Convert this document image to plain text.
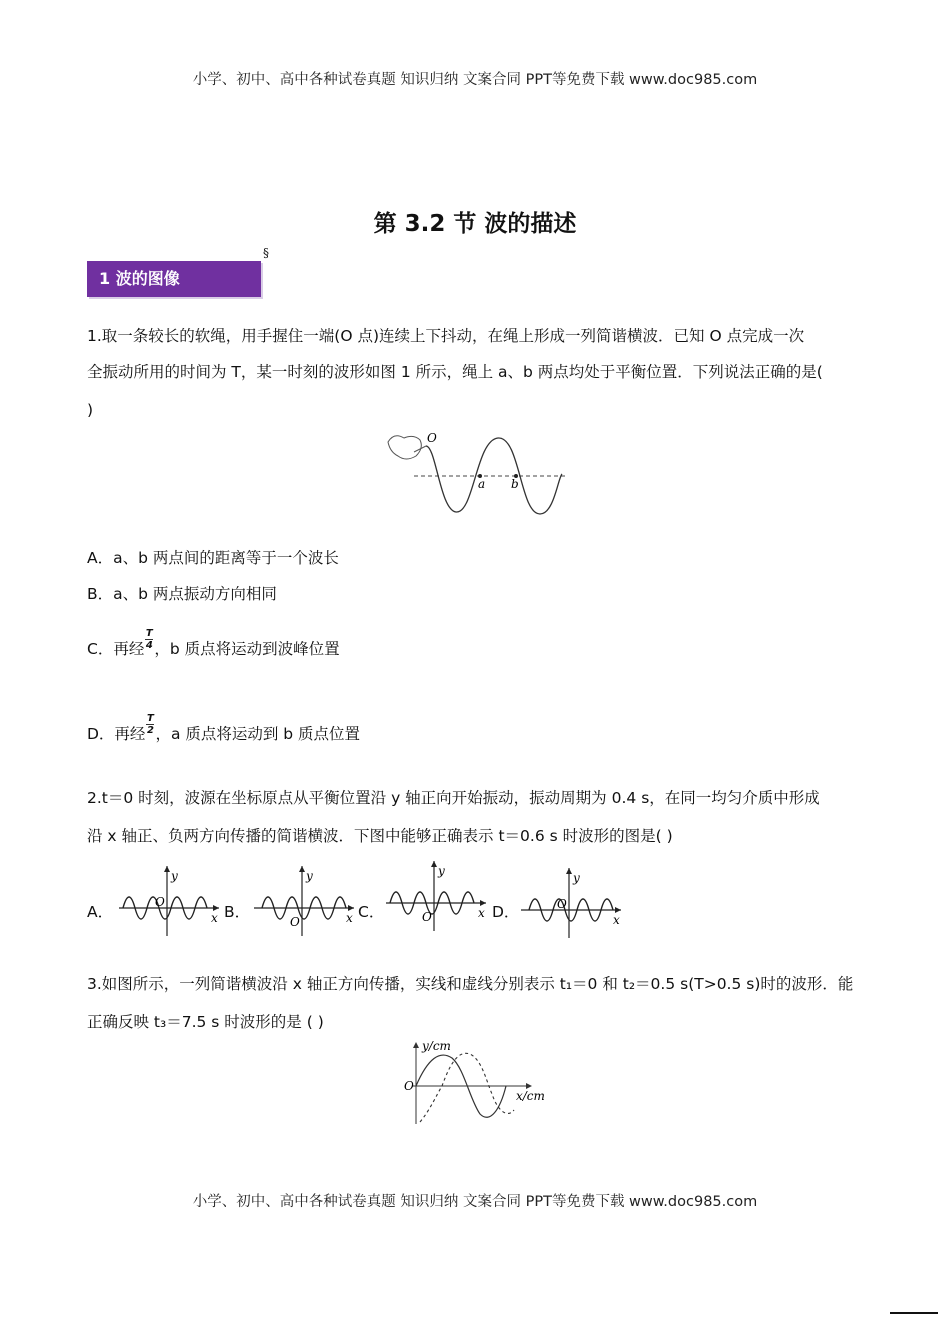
小学、初中、高中各种试卷真题 知识归纳 文案合同 PPT等免费下载 www.doc985.com
第 3.2 节 波的描述
1 波的图像
§
1.取一条较长的软绳，用手握住一端(O 点)连续上下抖动，在绳上形成一列简谐横波．已知 O 点完成一次
全振动所用的时间为 T，某一时刻的波形如图 1 所示，绳上 a、b 两点均处于平衡位置．下列说法正确的是(
)
O
a b
A．a、b 两点间的距离等于一个波长
B．a、b 两点振动方向相同
C．再经 $\frac{T}{4}$ ，b 质点将运动到波峰位置
D．再经 $\frac{T}{2}$ ，a 质点将运动到 b 质点位置
2.t＝0 时刻，波源在坐标原点从平衡位置沿 y 轴正向开始振动，振动周期为 0.4 s，在同一均匀介质中形成
沿 x 轴正、负两方向传播的简谐横波．下图中能够正确表示 t＝0.6 s 时波形的图是( )
A．	B．	C．	D．
y
x
O
y
x
O
y
x
O
y
x
O
3.如图所示，一列简谐横波沿 x 轴正方向传播，实线和虚线分别表示 t₁＝0 和 t₂＝0.5 s(T>0.5 s)时的波形．能
正确反映 t₃＝7.5 s 时波形的是 ( )
y/cm
x/cm
O
小学、初中、高中各种试卷真题 知识归纳 文案合同 PPT等免费下载 www.doc985.com
